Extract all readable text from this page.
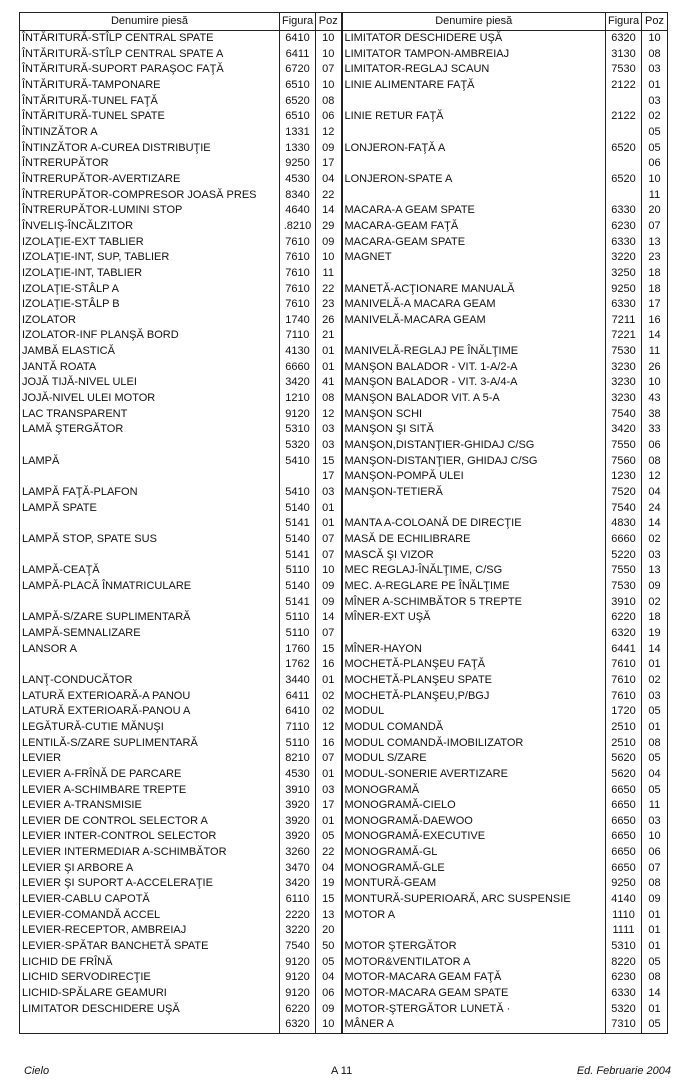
Denumire piesă	Figura	Poz	Denumire piesă	Figura	Poz
ÎNTĂRITURĂ-STÎLP CENTRAL SPATE	6410	10	LIMITATOR DESCHIDERE UŞĂ	6320	10
ÎNTĂRITURĂ-STÎLP CENTRAL SPATE A	6411	10	LIMITATOR TAMPON-AMBREIAJ	3130	08
ÎNTĂRITURĂ-SUPORT PARAŞOC FAŢĂ	6720	07	LIMITATOR-REGLAJ SCAUN	7530	03
ÎNTĂRITURĂ-TAMPONARE	6510	10	LINIE ALIMENTARE FAŢĂ	2122	01
ÎNTĂRITURĂ-TUNEL FAŢĂ	6520	08			03
ÎNTĂRITURĂ-TUNEL SPATE	6510	06	LINIE RETUR FAŢĂ	2122	02
ÎNTINZĂTOR A	1331	12			05
ÎNTINZĂTOR A-CUREA DISTRIBUŢIE	1330	09	LONJERON-FAŢĂ A	6520	05
ÎNTRERUPĂTOR	9250	17			06
ÎNTRERUPĂTOR-AVERTIZARE	4530	04	LONJERON-SPATE A	6520	10
ÎNTRERUPĂTOR-COMPRESOR JOASĂ PRES	8340	22			11
ÎNTRERUPĂTOR-LUMINI STOP	4640	14	MACARA-A GEAM SPATE	6330	20
ÎNVELIŞ-ÎNCĂLZITOR	.8210	29	MACARA-GEAM FAŢĂ	6230	07
IZOLAŢIE-EXT TABLIER	7610	09	MACARA-GEAM SPATE	6330	13
IZOLAŢIE-INT, SUP, TABLIER	7610	10	MAGNET	3220	23
IZOLAŢIE-INT, TABLIER	7610	11		3250	18
IZOLAŢIE-STÂLP A	7610	22	MANETĂ-ACŢIONARE MANUALĂ	9250	18
IZOLAŢIE-STÂLP B	7610	23	MANIVELĂ-A MACARA GEAM	6330	17
IZOLATOR	1740	26	MANIVELĂ-MACARA GEAM	7211	16
IZOLATOR-INF PLANŞĂ BORD	7110	21		7221	14
JAMBĂ ELASTICĂ	4130	01	MANIVELĂ-REGLAJ PE ÎNĂLŢIME	7530	11
JANTĂ ROATA	6660	01	MANŞON BALADOR - VIT. 1-A/2-A	3230	26
JOJĂ TIJĂ-NIVEL ULEI	3420	41	MANŞON BALADOR - VIT. 3-A/4-A	3230	10
JOJĂ-NIVEL ULEI MOTOR	1210	08	MANŞON BALADOR VIT. A 5-A	3230	43
LAC TRANSPARENT	9120	12	MANŞON SCHI	7540	38
LAMĂ ŞTERGĂTOR	5310	03	MANŞON ŞI SITĂ	3420	33
	5320	03	MANŞON,DISTANŢIER-GHIDAJ C/SG	7550	06
LAMPĂ	5410	15	MANŞON-DISTANŢIER, GHIDAJ C/SG	7560	08
		17	MANŞON-POMPĂ ULEI	1230	12
LAMPĂ FAŢĂ-PLAFON	5410	03	MANŞON-TETIERĂ	7520	04
LAMPĂ SPATE	5140	01		7540	24
	5141	01	MANTA A-COLOANĂ DE DIRECŢIE	4830	14
LAMPĂ STOP, SPATE SUS	5140	07	MASĂ DE ECHILIBRARE	6660	02
	5141	07	MASCĂ ŞI VIZOR	5220	03
LAMPĂ-CEAŢĂ	5110	10	MEC REGLAJ-ÎNĂLŢIME, C/SG	7550	13
LAMPĂ-PLACĂ ÎNMATRICULARE	5140	09	MEC. A-REGLARE PE ÎNĂLŢIME	7530	09
	5141	09	MÎNER A-SCHIMBĂTOR 5 TREPTE	3910	02
LAMPĂ-S/ZARE SUPLIMENTARĂ	5110	14	MÎNER-EXT UŞĂ	6220	18
LAMPĂ-SEMNALIZARE	5110	07		6320	19
LANSOR A	1760	15	MÎNER-HAYON	6441	14
	1762	16	MOCHETĂ-PLANŞEU FAŢĂ	7610	01
LANŢ-CONDUCĂTOR	3440	01	MOCHETĂ-PLANŞEU SPATE	7610	02
LATURĂ EXTERIOARĂ-A PANOU	6411	02	MOCHETĂ-PLANŞEU,P/BGJ	7610	03
LATURĂ EXTERIOARĂ-PANOU A	6410	02	MODUL	1720	05
LEGĂTURĂ-CUTIE MĂNUŞI	7110	12	MODUL COMANDĂ	2510	01
LENTILĂ-S/ZARE SUPLIMENTARĂ	5110	16	MODUL COMANDĂ-IMOBILIZATOR	2510	08
LEVIER	8210	07	MODUL S/ZARE	5620	05
LEVIER A-FRÎNĂ DE PARCARE	4530	01	MODUL-SONERIE AVERTIZARE	5620	04
LEVIER A-SCHIMBARE TREPTE	3910	03	MONOGRAMĂ	6650	05
LEVIER A-TRANSMISIE	3920	17	MONOGRAMĂ-CIELO	6650	11
LEVIER DE CONTROL SELECTOR A	3920	01	MONOGRAMĂ-DAEWOO	6650	03
LEVIER INTER-CONTROL SELECTOR	3920	05	MONOGRAMĂ-EXECUTIVE	6650	10
LEVIER INTERMEDIAR A-SCHIMBĂTOR	3260	22	MONOGRAMĂ-GL	6650	06
LEVIER ŞI ARBORE A	3470	04	MONOGRAMĂ-GLE	6650	07
LEVIER ŞI SUPORT A-ACCELERAŢIE	3420	19	MONTURĂ-GEAM	9250	08
LEVIER-CABLU CAPOTĂ	6110	15	MONTURĂ-SUPERIOARĂ, ARC SUSPENSIE	4140	09
LEVIER-COMANDĂ ACCEL	2220	13	MOTOR A	1110	01
LEVIER-RECEPTOR, AMBREIAJ	3220	20		1111	01
LEVIER-SPĂTAR BANCHETĂ SPATE	7540	50	MOTOR ŞTERGĂTOR	5310	01
LICHID DE FRÎNĂ	9120	05	MOTOR&VENTILATOR A	8220	05
LICHID SERVODIRECŢIE	9120	04	MOTOR-MACARA GEAM FAŢĂ	6230	08
LICHID-SPĂLARE GEAMURI	9120	06	MOTOR-MACARA GEAM SPATE	6330	14
LIMITATOR DESCHIDERE UŞĂ	6220	09	MOTOR-ŞTERGĂTOR LUNETĂ ·	5320	01
	6320	10	MÂNER A	7310	05
Cielo	A 11	Ed. Februarie 2004
